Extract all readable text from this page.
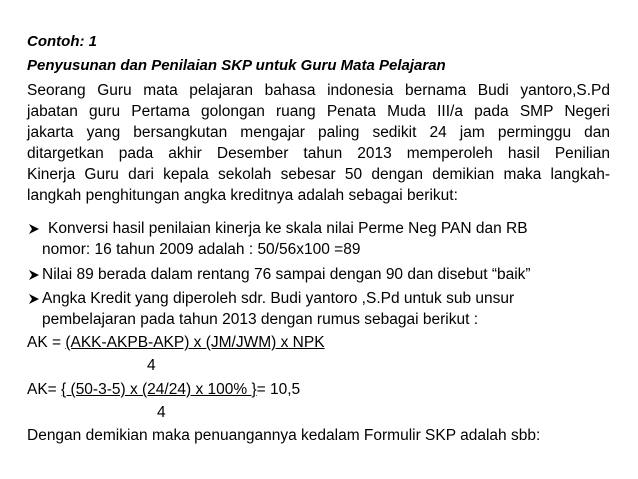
Contoh: 1
Penyusunan dan Penilaian SKP untuk Guru Mata Pelajaran
Seorang Guru mata pelajaran bahasa indonesia bernama Budi yantoro,S.Pd
jabatan guru Pertama golongan ruang Penata Muda III/a pada SMP Negeri
jakarta yang bersangkutan mengajar paling sedikit 24 jam perminggu dan
ditargetkan pada akhir Desember tahun 2013 memperoleh hasil Penilian
Kinerja Guru dari kepala sekolah sebesar 50 dengan demikian maka langkah-
langkah penghitungan angka kreditnya adalah sebagai berikut:
Konversi hasil penilaian kinerja ke skala nilai Perme Neg PAN dan RB
nomor: 16 tahun 2009 adalah : 50/56x100 =89
Nilai 89 berada dalam rentang 76 sampai dengan 90 dan disebut “baik”
Angka Kredit yang diperoleh sdr. Budi yantoro ,S.Pd untuk sub unsur
pembelajaran pada tahun 2013 dengan rumus sebagai berikut :
AK = (AKK-AKPB-AKP) x (JM/JWM) x NPK
4
AK= { (50-3-5) x (24/24) x 100% }= 10,5
4
Dengan demikian maka penuangannya kedalam Formulir SKP adalah sbb:
